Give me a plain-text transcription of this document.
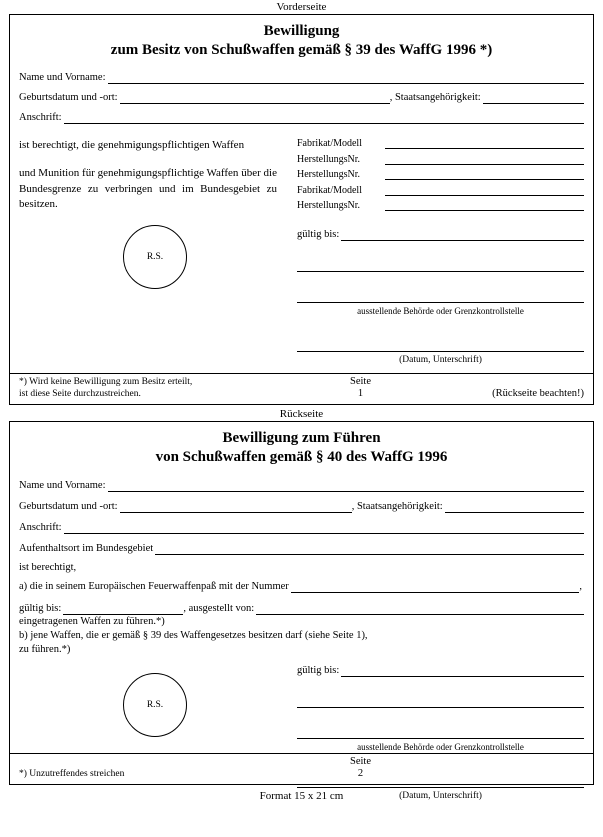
Vorderseite
Bewilligung
zum Besitz von Schußwaffen gemäß § 39 des WaffG 1996 *)
Name und Vorname:
Geburtsdatum und -ort:	, Staatsangehörigkeit:
Anschrift:
ist berechtigt, die genehmigungspflichtigen Waffen
und Munition für genehmigungspflichtige Waffen über die Bundesgrenze zu verbringen und im Bundesgebiet zu besitzen.
R.S.
Fabrikat/Modell
HerstellungsNr.
HerstellungsNr.
Fabrikat/Modell
HerstellungsNr.
gültig bis:
ausstellende Behörde oder Grenzkontrollstelle
(Datum, Unterschrift)
*) Wird keine Bewilligung zum Besitz erteilt,
ist diese Seite durchzustreichen.
Seite
1	(Rückseite beachten!)
Rückseite
Bewilligung zum Führen
von Schußwaffen gemäß § 40 des WaffG 1996
Name und Vorname:
Geburtsdatum und -ort:	, Staatsangehörigkeit:
Anschrift:
Aufenthaltsort im Bundesgebiet
ist berechtigt,
a) die in seinem Europäischen Feuerwaffenpaß mit der Nummer	,
gültig bis:	, ausgestellt von:
eingetragenen Waffen zu führen.*)
b) jene Waffen, die er gemäß § 39 des Waffengesetzes besitzen darf (siehe Seite 1),
zu führen.*)
R.S.
gültig bis:
ausstellende Behörde oder Grenzkontrollstelle
(Datum, Unterschrift)
*) Unzutreffendes streichen
Seite
2
Format 15 x 21 cm
